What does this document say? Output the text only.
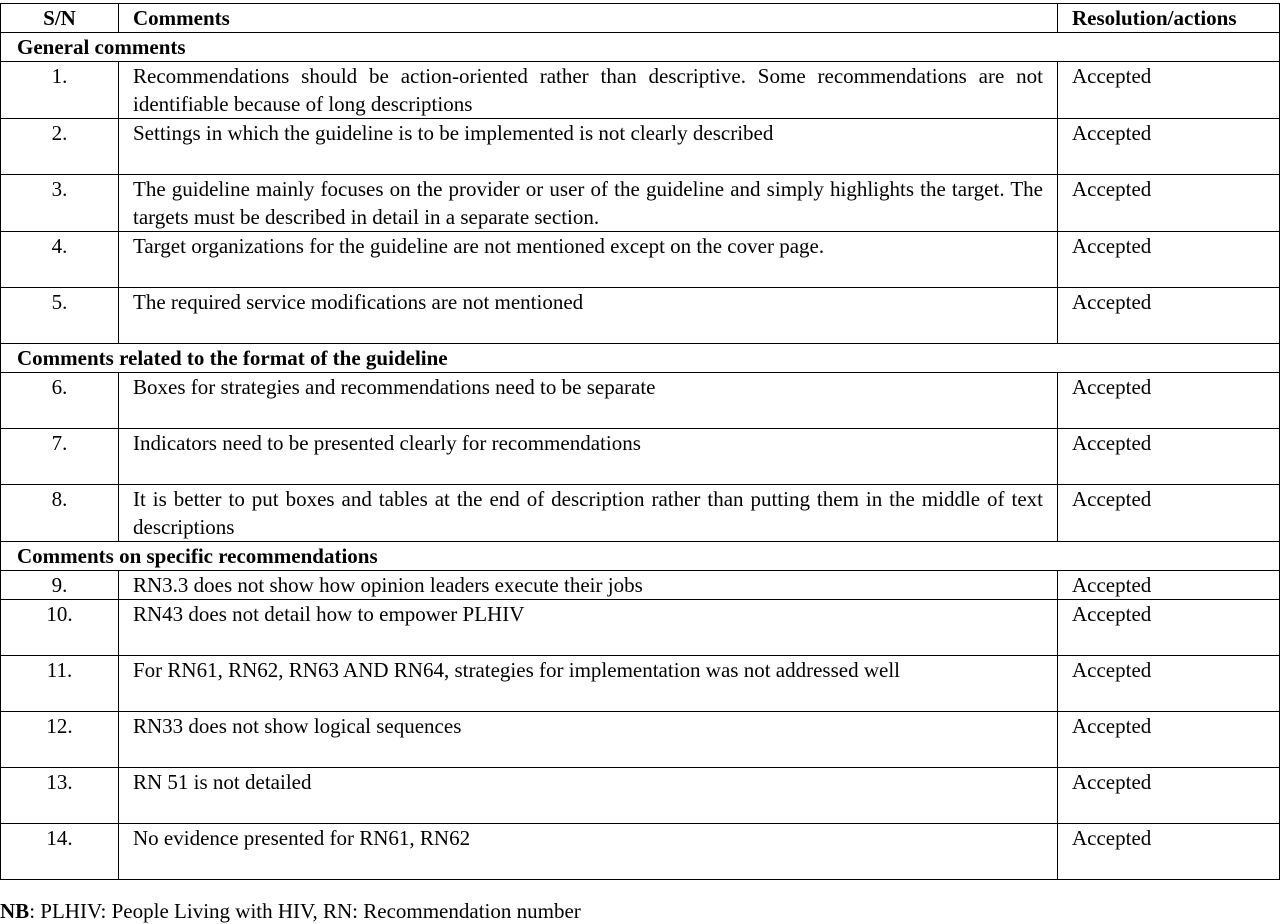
S/N	Comments	Resolution/actions
General comments		
1.	Recommendations should be action-oriented rather than descriptive. Some recommendations are not identifiable because of long descriptions	Accepted
2.	Settings in which the guideline is to be implemented is not clearly described	Accepted
3.	The guideline mainly focuses on the provider or user of the guideline and simply highlights the target. The targets must be described in detail in a separate section.	Accepted
4.	Target organizations for the guideline are not mentioned except on the cover page.	Accepted
5.	The required service modifications are not mentioned	Accepted
Comments related to the format of the guideline		
6.	Boxes for strategies and recommendations need to be separate	Accepted
7.	Indicators need to be presented clearly for recommendations	Accepted
8.	It is better to put boxes and tables at the end of description rather than putting them in the middle of text descriptions	Accepted
Comments on specific recommendations		
9.	RN3.3 does not show how opinion leaders execute their jobs	Accepted
10.	RN43 does not detail how to empower PLHIV	Accepted
11.	For RN61, RN62, RN63 AND RN64, strategies for implementation was not addressed well	Accepted
12.	RN33 does not show logical sequences	Accepted
13.	RN 51 is not detailed	Accepted
14.	No evidence presented for RN61, RN62	Accepted
NB: PLHIV: People Living with HIV, RN: Recommendation number
